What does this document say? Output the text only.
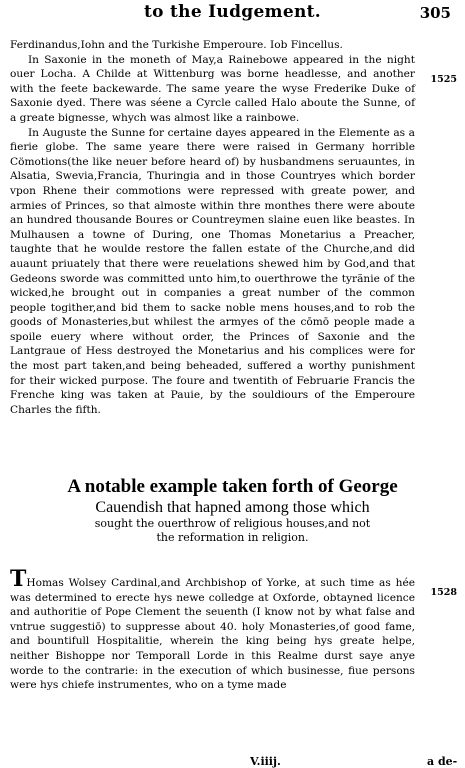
to the Iudgement.	305
1525
1528

Ferdinandus,Iohn and the Turkishe Emperoure. Iob Fincellus.

In Saxonie in the moneth of May,a Rainebowe appeared in the night ouer Locha. A Childe at Wittenburg was borne headlesse, and another with the feete backewarde. The same yeare the wyse Frederike Duke of Saxonie dyed. There was séene a Cyrcle called Halo aboute the Sunne, of a greate bignesse, whych was almost like a rainbowe.

In Auguste the Sunne for certaine dayes appeared in the Elemente as a fierie globe. The same yeare there were raised in Germany horrible Cömotions(the like neuer before heard of) by husbandmens seruauntes, in Alsatia, Swevia,Francia, Thuringia and in those Countryes which border vpon Rhene their commotions were repressed with greate power, and armies of Princes, so that almoste within thre monthes there were aboute an hundred thousande Boures or Countreymen slaine euen like beastes. In Mulhausen a towne of During, one Thomas Monetarius a Preacher, taughte that he woulde restore the fallen estate of the Churche,and did auaunt priuately that there were reuelations shewed him by God,and that Gedeons sworde was committed unto him,to ouerthrowe the tyrãnie of the wicked,he brought out in companies a great number of the common people togither,and bid them to sacke noble mens houses,and to rob the goods of Monasteries,but whilest the armyes of the cōmō people made a spoile euery where without order, the Princes of Saxonie and the Lantgraue of Hess destroyed the Monetarius and his complices were for the most part taken,and being beheaded, suffered a worthy punishment for their wicked purpose. The foure and twentith of Februarie Francis the Frenche king was taken at Pauie, by the souldiours of the Emperoure Charles the fifth.

A notable example taken forth of George
Cauendish that hapned among those which
sought the ouerthrow of religious houses,and not
the reformation in religion.

THomas Wolsey Cardinal,and Archbishop of Yorke, at such time as hée was determined to erecte hys newe colledge at Oxforde, obtayned licence and authoritie of Pope Clement the seuenth (I know not by what false and vntrue suggestiō) to suppresse about 40. holy Monasteries,of good fame, and bountifull Hospitalitie, wherein the king being hys greate helpe, neither Bishoppe nor Temporall Lorde in this Realme durst saye anye worde to the contrarie: in the execution of which businesse, fiue persons were hys chiefe instrumentes, who on a tyme made

V.iiij.	a de-
